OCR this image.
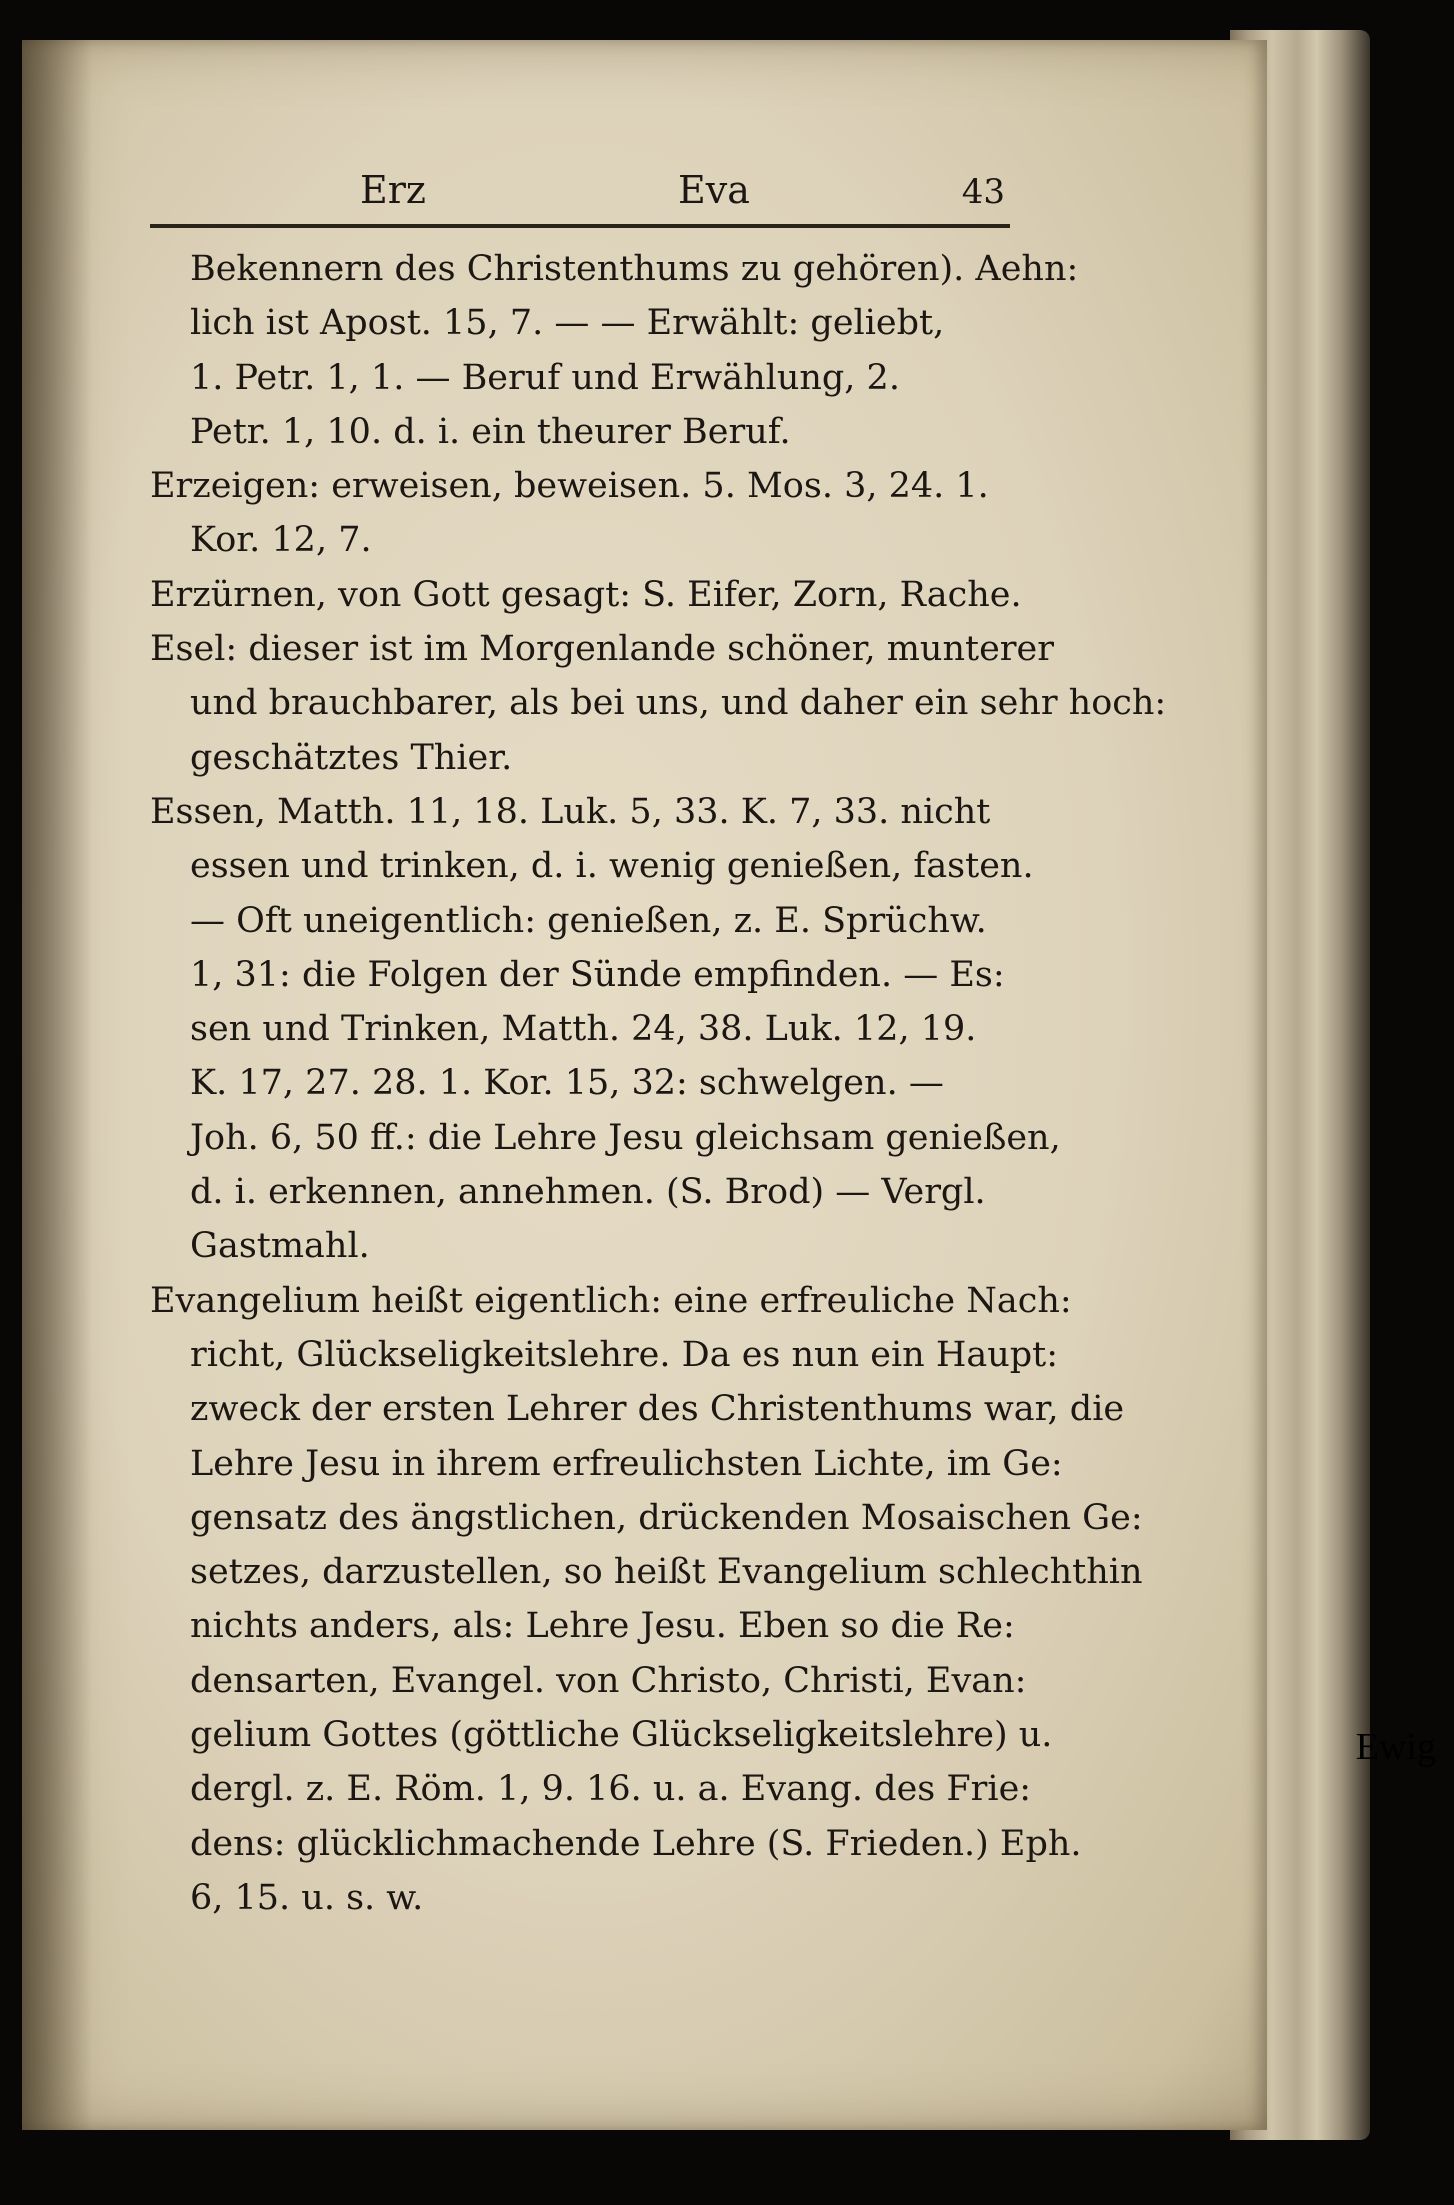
Erz	Eva	43
Bekennern des Christenthums zu gehören). Aehn:
lich ist Apost. 15, 7. — — Erwählt: geliebt,
1. Petr. 1, 1. — Beruf und Erwählung, 2.
Petr. 1, 10. d. i. ein theurer Beruf.
Erzeigen: erweisen, beweisen. 5. Mos. 3, 24. 1.
Kor. 12, 7.
Erzürnen, von Gott gesagt: S. Eifer, Zorn, Rache.
Esel: dieser ist im Morgenlande schöner, munterer
und brauchbarer, als bei uns, und daher ein sehr hoch:
geschätztes Thier.
Essen, Matth. 11, 18. Luk. 5, 33. K. 7, 33. nicht
essen und trinken, d. i. wenig genießen, fasten.
— Oft uneigentlich: genießen, z. E. Sprüchw.
1, 31: die Folgen der Sünde empfinden. — Es:
sen und Trinken, Matth. 24, 38. Luk. 12, 19.
K. 17, 27. 28. 1. Kor. 15, 32: schwelgen. —
Joh. 6, 50 ff.: die Lehre Jesu gleichsam genießen,
d. i. erkennen, annehmen. (S. Brod) — Vergl.
Gastmahl.
Evangelium heißt eigentlich: eine erfreuliche Nach:
richt, Glückseligkeitslehre. Da es nun ein Haupt:
zweck der ersten Lehrer des Christenthums war, die
Lehre Jesu in ihrem erfreulichsten Lichte, im Ge:
gensatz des ängstlichen, drückenden Mosaischen Ge:
setzes, darzustellen, so heißt Evangelium schlechthin
nichts anders, als: Lehre Jesu. Eben so die Re:
densarten, Evangel. von Christo, Christi, Evan:
gelium Gottes (göttliche Glückseligkeitslehre) u.
dergl. z. E. Röm. 1, 9. 16. u. a. Evang. des Frie:
dens: glücklichmachende Lehre (S. Frieden.) Eph.
6, 15. u. s. w.
Ewig
